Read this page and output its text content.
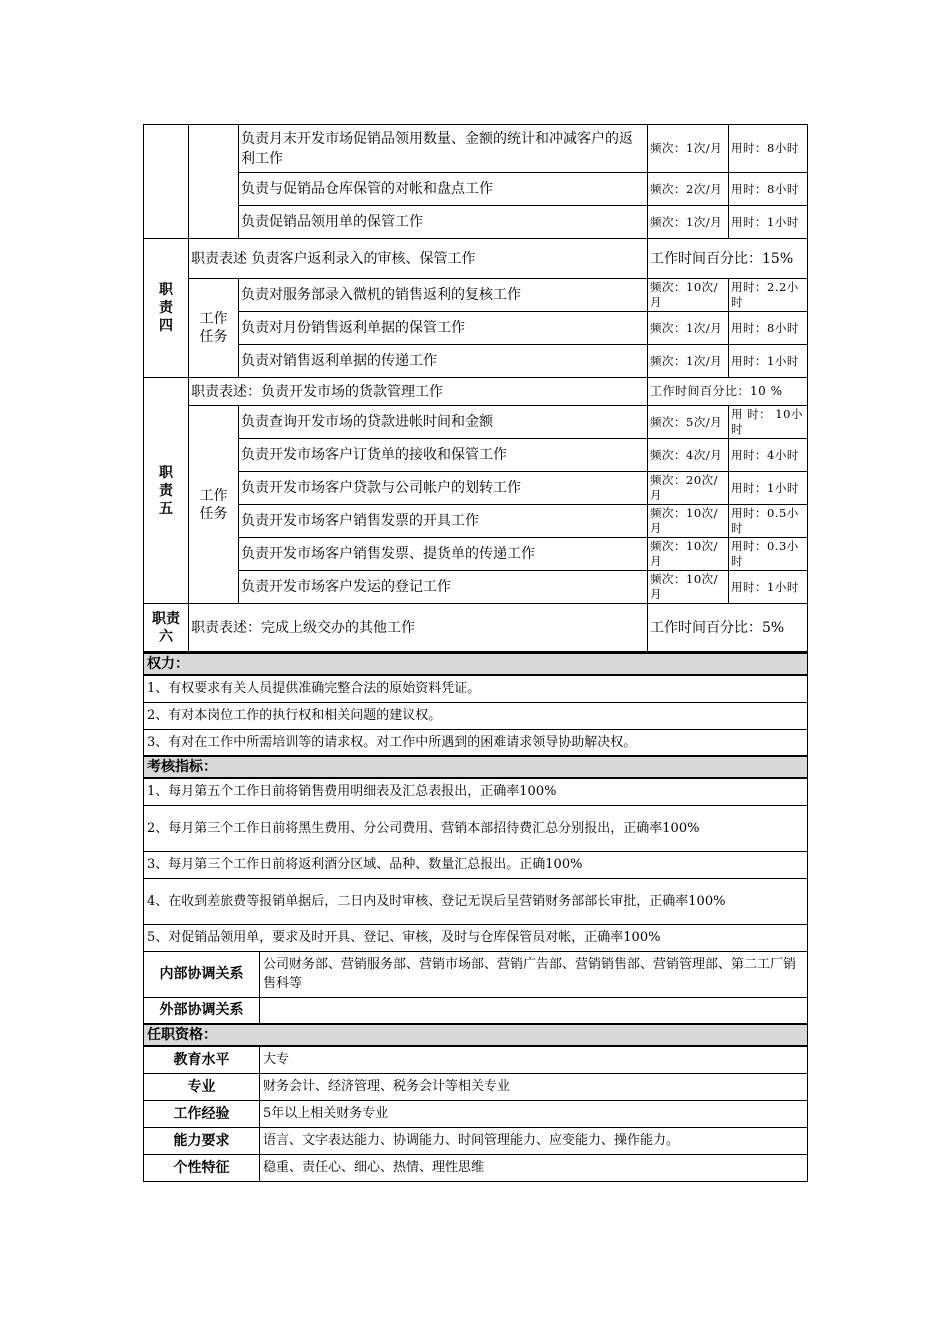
		负责月末开发市场促销品领用数量、金额的统计和冲减客户的返利工作	频次：1次/月	用时：8小时
		负责与促销品仓库保管的对帐和盘点工作	频次：2次/月	用时：8小时
		负责促销品领用单的保管工作	频次：1次/月	用时：1小时
职责四	职责表述 负责客户返利录入的审核、保管工作		工作时间百分比：15%	
	工作任务	负责对服务部录入微机的销售返利的复核工作	频次：10次/月	用时：2.2小时
		负责对月份销售返利单据的保管工作	频次：1次/月	用时：8小时
		负责对销售返利单据的传递工作	频次：1次/月	用时：1小时
职责五	职责表述：负责开发市场的货款管理工作		工作时间百分比：10 %	
	工作任务	负责查询开发市场的贷款进帐时间和金额	频次：5次/月	用 时： 10小时
		负责开发市场客户订货单的接收和保管工作	频次：4次/月	用时：4小时
		负责开发市场客户贷款与公司帐户的划转工作	频次：20次/ 月	用时：1小时
		负责开发市场客户销售发票的开具工作	频次：10次/ 月	用时：0.5小时
		负责开发市场客户销售发票、提货单的传递工作	频次：10次/月	用时：0.3小时
		负责开发市场客户发运的登记工作	频次：10次/月	用时：1小时
职责六	职责表述：完成上级交办的其他工作		工作时间百分比：5%	
权力：	
1、有权要求有关人员提供准确完整合法的原始资料凭证。	
2、有对本岗位工作的执行权和相关问题的建议权。	
3、有对在工作中所需培训等的请求权。对工作中所遇到的困难请求领导协助解决权。	
考核指标：	
1、每月第五个工作日前将销售费用明细表及汇总表报出，正确率100%	
2、每月第三个工作日前将黑生费用、分公司费用、营销本部招待费汇总分别报出，正确率100%	
3、每月第三个工作日前将返利酒分区域、品种、数量汇总报出。正确100%	
4、在收到差旅费等报销单据后，二日内及时审核、登记无误后呈营销财务部部长审批，正确率100%	
5、对促销品领用单，要求及时开具、登记、审核，及时与仓库保管员对帐，正确率100%	
内部协调关系	公司财务部、营销服务部、营销市场部、营销广告部、营销销售部、营销管理部、第二工厂销售科等
外部协调关系	
任职资格：	
教育水平	大专
专业	财务会计、经济管理、税务会计等相关专业
工作经验	5年以上相关财务专业
能力要求	语言、文字表达能力、协调能力、时间管理能力、应变能力、操作能力。
个性特征	稳重、责任心、细心、热情、理性思维
